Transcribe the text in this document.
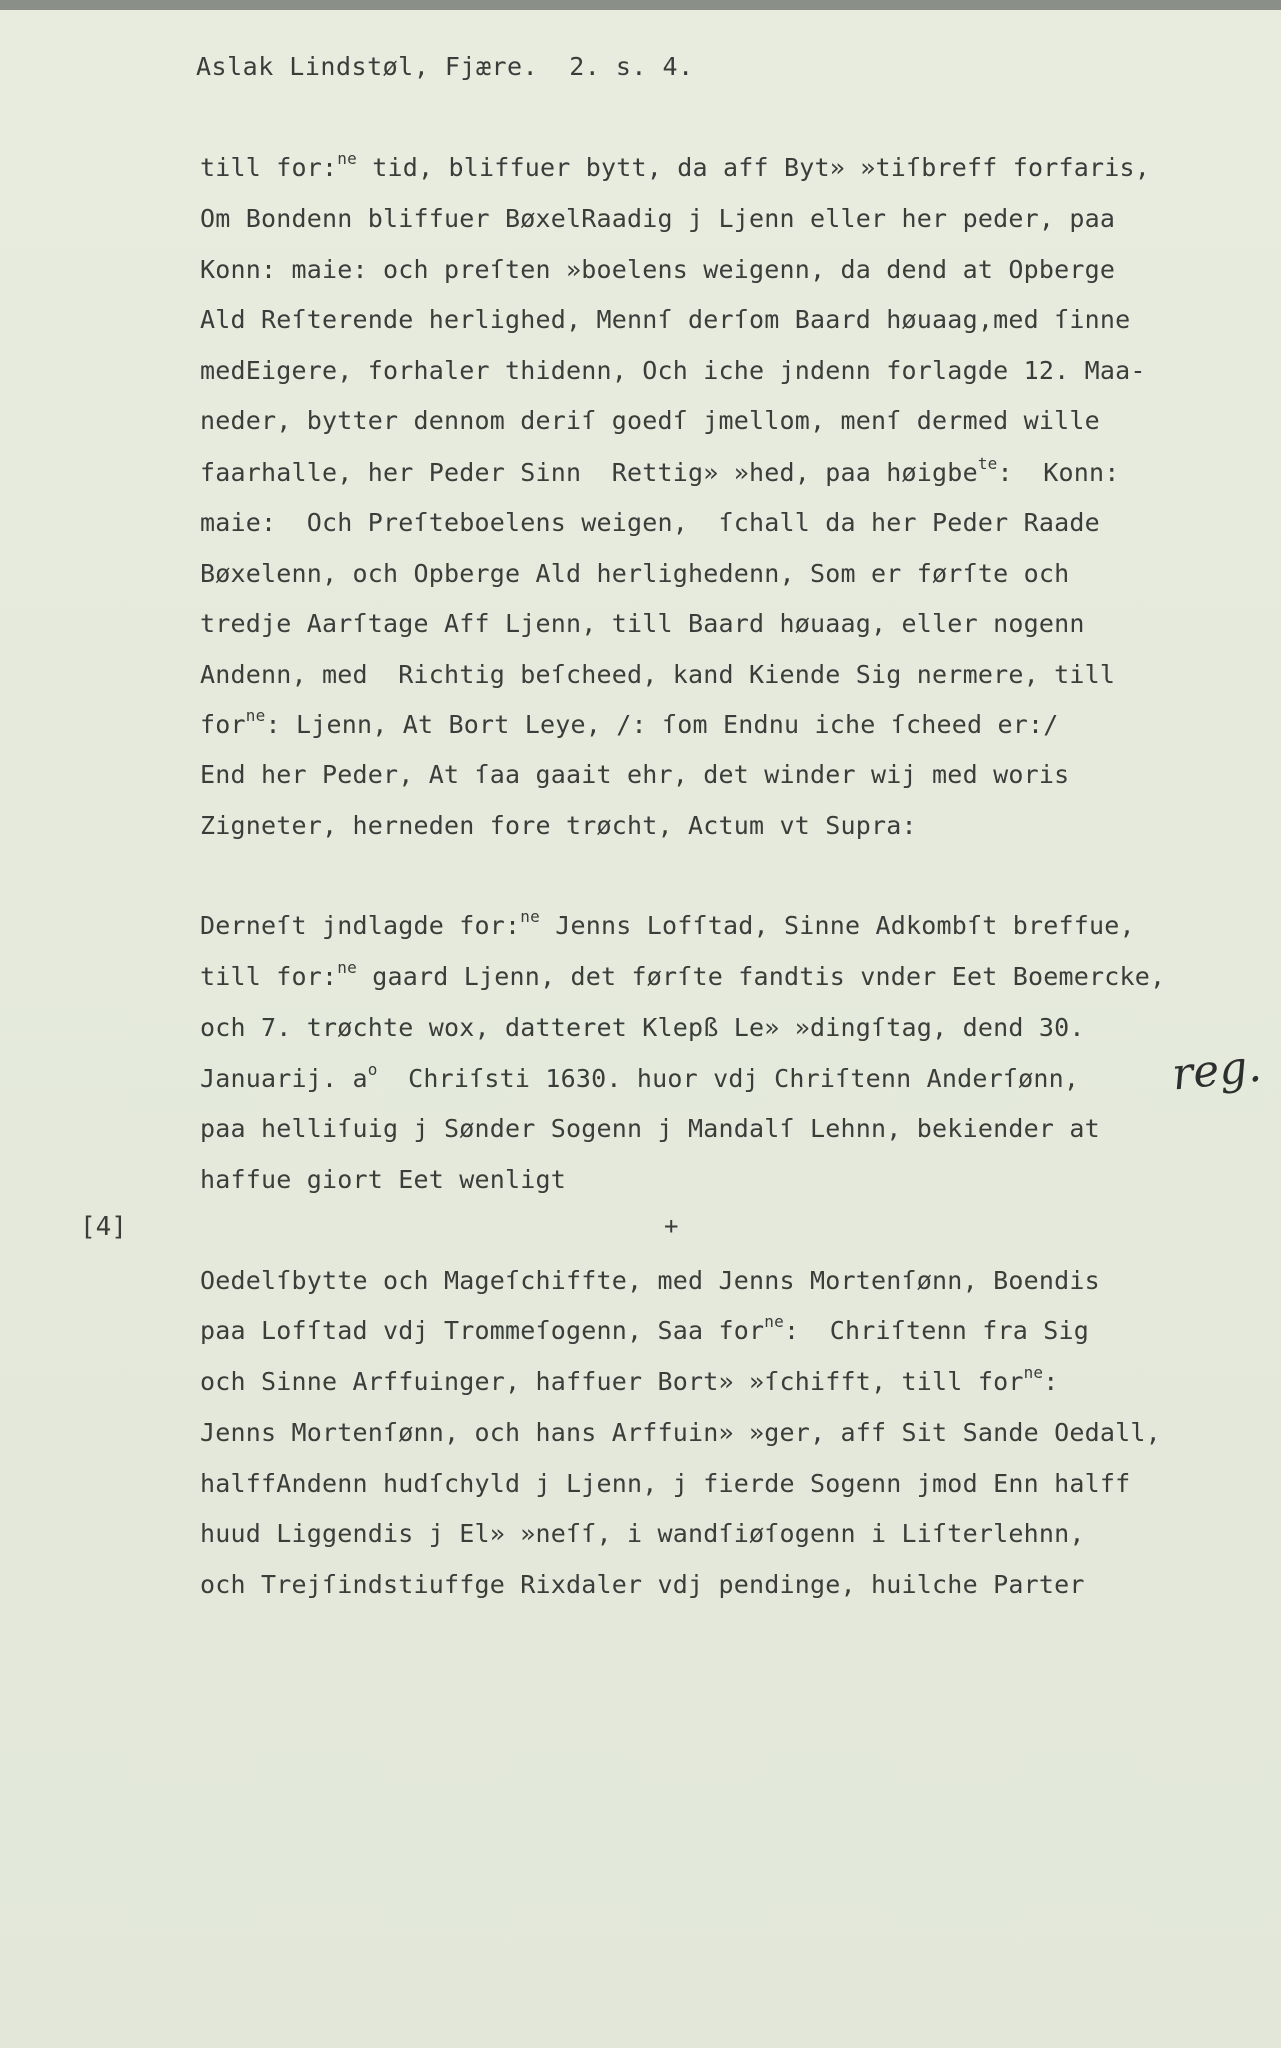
Aslak Lindstøl, Fjære.  2. s. 4.
till for:$^{ne}$ tid, bliffuer bytt, da aff Byt» »tiſbreff forfaris,
Om Bondenn bliffuer BøxelRaadig j Ljenn eller her peder, paa
Konn: maie: och preſten »boelens weigenn, da dend at Opberge
Ald Reſterende herlighed, Mennſ derſom Baard høuaag,med ſinne
medEigere, forhaler thidenn, Och iche jndenn forlagde 12. Maa-
neder, bytter dennom deriſ goedſ jmellom, menſ dermed wille
faarhalle, her Peder Sinn  Rettig» »hed, paa høigbe$^{te}$:  Konn:
maie:  Och Preſteboelens weigen,  ſchall da her Peder Raade
Bøxelenn, och Opberge Ald herlighedenn, Som er førſte och
tredje Aarſtage Aff Ljenn, till Baard høuaag, eller nogenn
Andenn, med  Richtig beſcheed, kand Kiende Sig nermere, till
for$^{ne}$: Ljenn, At Bort Leye, /: ſom Endnu iche ſcheed er:/
End her Peder, At ſaa gaait ehr, det winder wij med woris
Zigneter, herneden fore trøcht, Actum vt Supra:
Derneſt jndlagde for:$^{ne}$ Jenns Lofſtad, Sinne Adkombſt breffue,
till for:$^{ne}$ gaard Ljenn, det førſte fandtis vnder Eet Boemercke,
och 7. trøchte wox, datteret Klepß Le» »dingſtag, dend 30.
Januarij. $a^o$  Chriſsti 1630. huor vdj Chriſtenn Anderſønn,
paa helliſuig j Sønder Sogenn j Mandalſ Lehnn, bekiender at
haffue giort Eet wenligt
Oedelſbytte och Mageſchiffte, med Jenns Mortenſønn, Boendis
paa Lofſtad vdj Trommeſogenn, Saa for$^{ne}$:  Chriſtenn fra Sig
och Sinne Arffuinger, haffuer Bort» »ſchifft, till for$^{ne}$:
Jenns Mortenſønn, och hans Arffuin» »ger, aff Sit Sande Oedall,
halffAndenn hudſchyld j Ljenn, j fierde Sogenn jmod Enn halff
huud Liggendis j El» »neſſ, i wandſiøſogenn i Liſterlehnn,
och Trejſindstiuffge Rixdaler vdj pendinge, huilche Parter
[4]	+
reg.
